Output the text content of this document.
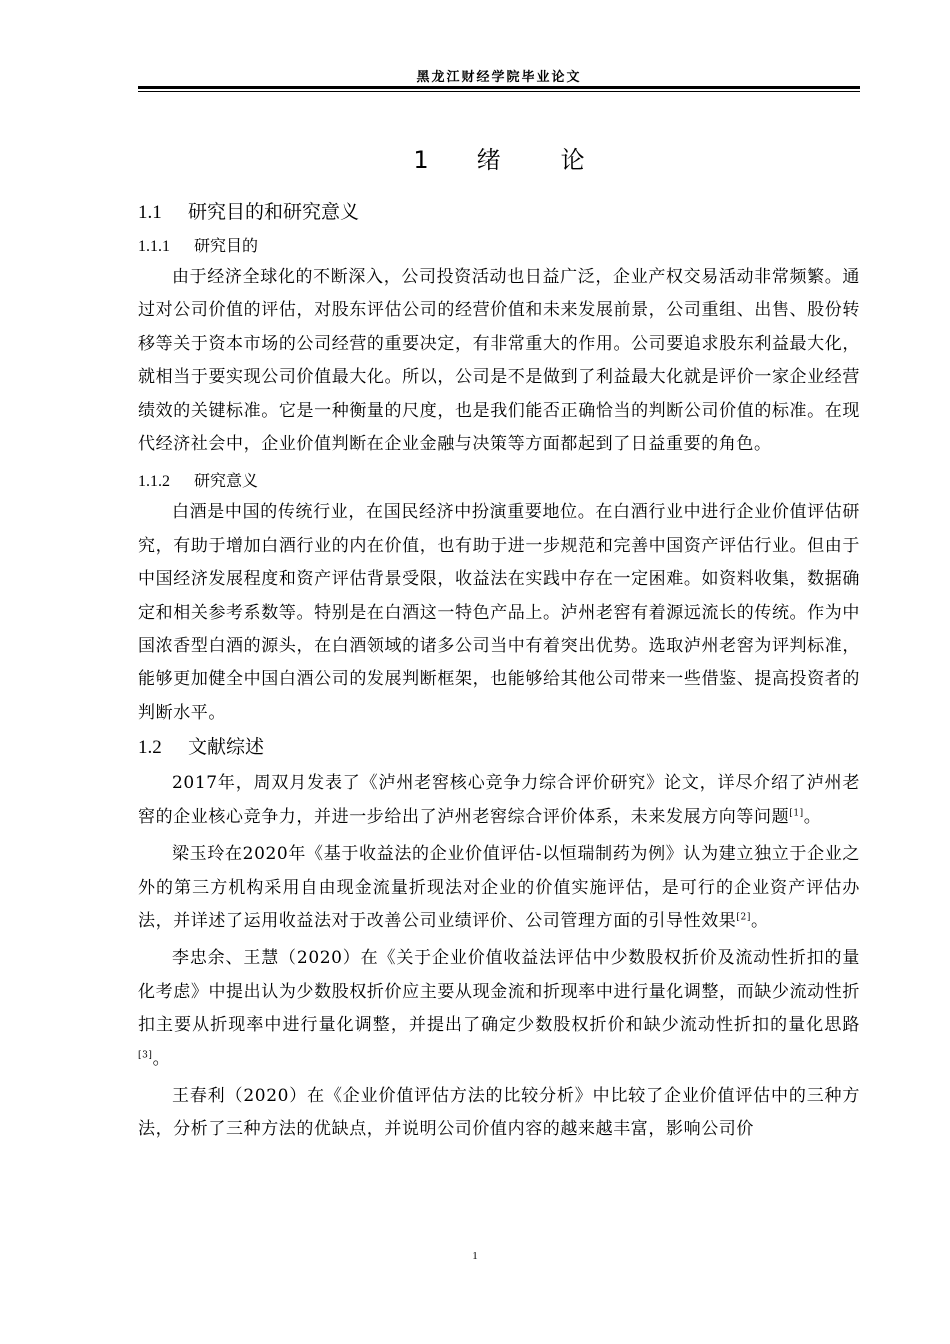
黑龙江财经学院毕业论文
1 绪	论
1.1 研究目的和研究意义
1.1.1 研究目的

由于经济全球化的不断深入，公司投资活动也日益广泛，企业产权交易活动非常频繁。通过对公司价值的评估，对股东评估公司的经营价值和未来发展前景，公司重组、出售、股份转移等关于资本市场的公司经营的重要决定，有非常重大的作用。公司要追求股东利益最大化，就相当于要实现公司价值最大化。所以，公司是不是做到了利益最大化就是评价一家企业经营绩效的关键标准。它是一种衡量的尺度，也是我们能否正确恰当的判断公司价值的标准。在现代经济社会中，企业价值判断在企业金融与决策等方面都起到了日益重要的角色。

1.1.2 研究意义

白酒是中国的传统行业，在国民经济中扮演重要地位。在白酒行业中进行企业价值评估研究，有助于增加白酒行业的内在价值，也有助于进一步规范和完善中国资产评估行业。但由于中国经济发展程度和资产评估背景受限，收益法在实践中存在一定困难。如资料收集，数据确定和相关参考系数等。特别是在白酒这一特色产品上。泸州老窖有着源远流长的传统。作为中国浓香型白酒的源头，在白酒领域的诸多公司当中有着突出优势。选取泸州老窖为评判标准，能够更加健全中国白酒公司的发展判断框架，也能够给其他公司带来一些借鉴、提高投资者的判断水平。

1.2 文献综述

2017年，周双月发表了《泸州老窖核心竞争力综合评价研究》论文，详尽介绍了泸州老窖的企业核心竞争力，并进一步给出了泸州老窖综合评价体系，未来发展方向等问题[1]。

梁玉玲在2020年《基于收益法的企业价值评估-以恒瑞制药为例》认为建立独立于企业之外的第三方机构采用自由现金流量折现法对企业的价值实施评估，是可行的企业资产评估办法，并详述了运用收益法对于改善公司业绩评价、公司管理方面的引导性效果[2]。

李忠余、王慧（2020）在《关于企业价值收益法评估中少数股权折价及流动性折扣的量化考虑》中提出认为少数股权折价应主要从现金流和折现率中进行量化调整，而缺少流动性折扣主要从折现率中进行量化调整，并提出了确定少数股权折价和缺少流动性折扣的量化思路[3]。

王春利（2020）在《企业价值评估方法的比较分析》中比较了企业价值评估中的三种方法，分析了三种方法的优缺点，并说明公司价值内容的越来越丰富，影响公司价

1
